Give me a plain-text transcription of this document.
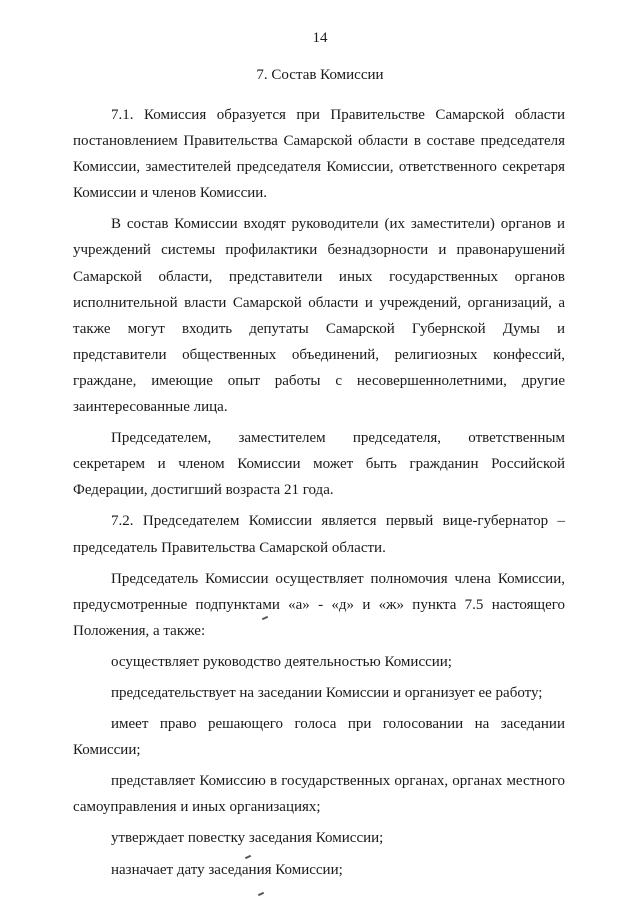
14
7. Состав Комиссии

7.1. Комиссия образуется при Правительстве Самарской области постановлением Правительства Самарской области в составе председателя Комиссии, заместителей председателя Комиссии, ответственного секретаря Комиссии и членов Комиссии.

В состав Комиссии входят руководители (их заместители) органов и учреждений системы профилактики безнадзорности и правонарушений Самарской области, представители иных государственных органов исполнительной власти Самарской области и учреждений, организаций, а также могут входить депутаты Самарской Губернской Думы и представители общественных объединений, религиозных конфессий, граждане, имеющие опыт работы с несовершеннолетними, другие заинтересованные лица.

Председателем, заместителем председателя, ответственным секретарем и членом Комиссии может быть гражданин Российской Федерации, достигший возраста 21 года.

7.2. Председателем Комиссии является первый вице-губернатор – председатель Правительства Самарской области.

Председатель Комиссии осуществляет полномочия члена Комиссии, предусмотренные подпунктами «а» - «д» и «ж» пункта 7.5 настоящего Положения, а также:

осуществляет руководство деятельностью Комиссии;

председательствует на заседании Комиссии и организует ее работу;

имеет право решающего голоса при голосовании на заседании Комиссии;

представляет Комиссию в государственных органах, органах местного самоуправления и иных организациях;

утверждает повестку заседания Комиссии;

назначает дату заседания Комиссии;
